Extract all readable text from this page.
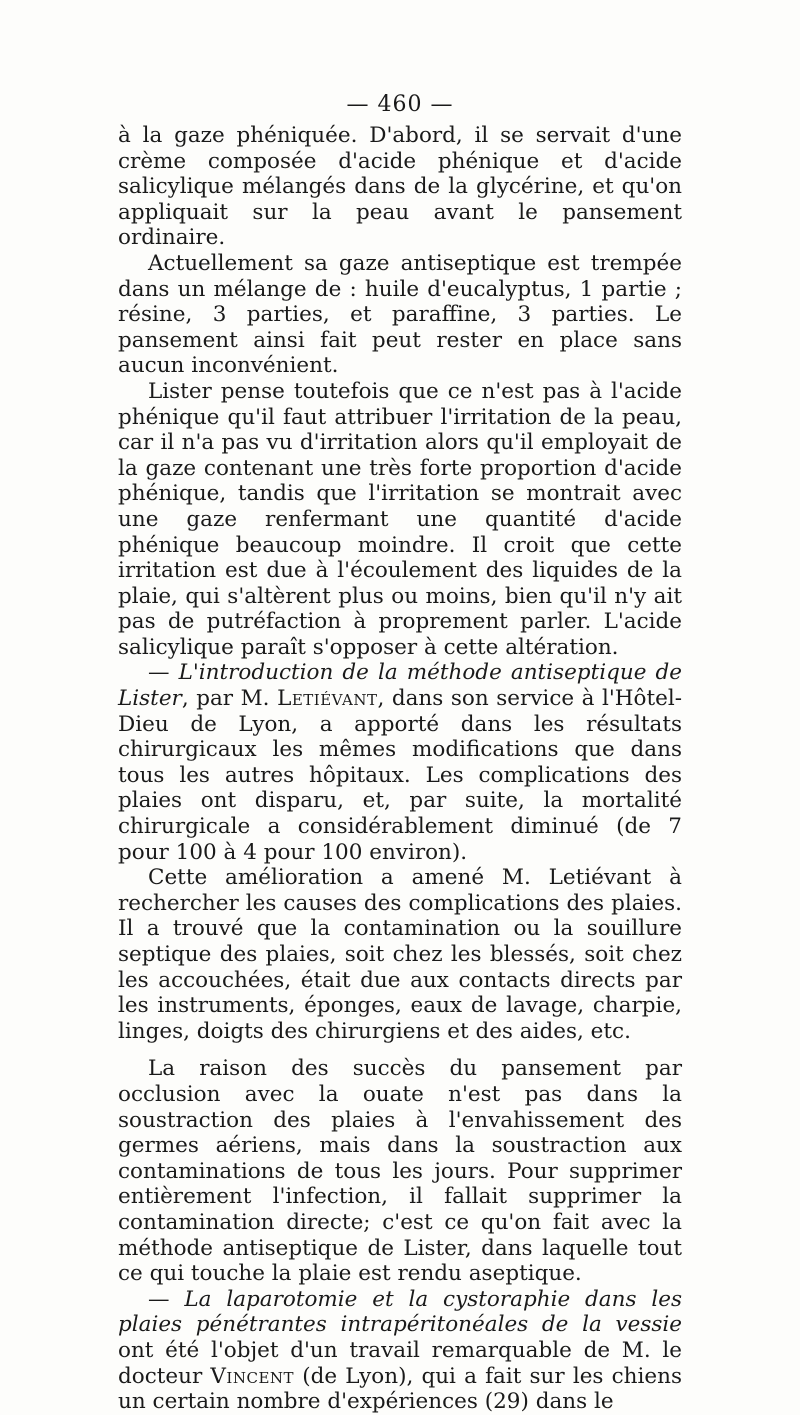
— 460 —

à la gaze phéniquée. D'abord, il se servait d'une crème composée d'acide phénique et d'acide salicylique mélangés dans de la glycérine, et qu'on appliquait sur la peau avant le pansement ordinaire.

Actuellement sa gaze antiseptique est trempée dans un mélange de : huile d'eucalyptus, 1 partie ; résine, 3 parties, et paraffine, 3 parties. Le pansement ainsi fait peut rester en place sans aucun inconvénient.

Lister pense toutefois que ce n'est pas à l'acide phénique qu'il faut attribuer l'irritation de la peau, car il n'a pas vu d'irritation alors qu'il employait de la gaze contenant une très forte proportion d'acide phénique, tandis que l'irritation se montrait avec une gaze renfermant une quantité d'acide phénique beaucoup moindre. Il croit que cette irritation est due à l'écoulement des liquides de la plaie, qui s'altèrent plus ou moins, bien qu'il n'y ait pas de putréfaction à proprement parler. L'acide salicylique paraît s'opposer à cette altération.

— L'introduction de la méthode antiseptique de Lister, par M. Letiévant, dans son service à l'Hôtel-Dieu de Lyon, a apporté dans les résultats chirurgicaux les mêmes modifications que dans tous les autres hôpitaux. Les complications des plaies ont disparu, et, par suite, la mortalité chirurgicale a considérablement diminué (de 7 pour 100 à 4 pour 100 environ).

Cette amélioration a amené M. Letiévant à rechercher les causes des complications des plaies. Il a trouvé que la contamination ou la souillure septique des plaies, soit chez les blessés, soit chez les accouchées, était due aux contacts directs par les instruments, éponges, eaux de lavage, charpie, linges, doigts des chirurgiens et des aides, etc.

La raison des succès du pansement par occlusion avec la ouate n'est pas dans la soustraction des plaies à l'envahissement des germes aériens, mais dans la soustraction aux contaminations de tous les jours. Pour supprimer entièrement l'infection, il fallait supprimer la contamination directe; c'est ce qu'on fait avec la méthode antiseptique de Lister, dans laquelle tout ce qui touche la plaie est rendu aseptique.

— La laparotomie et la cystoraphie dans les plaies pénétrantes intrapéritonéales de la vessie ont été l'objet d'un travail remarquable de M. le docteur Vincent (de Lyon), qui a fait sur les chiens un certain nombre d'expériences (29) dans le
